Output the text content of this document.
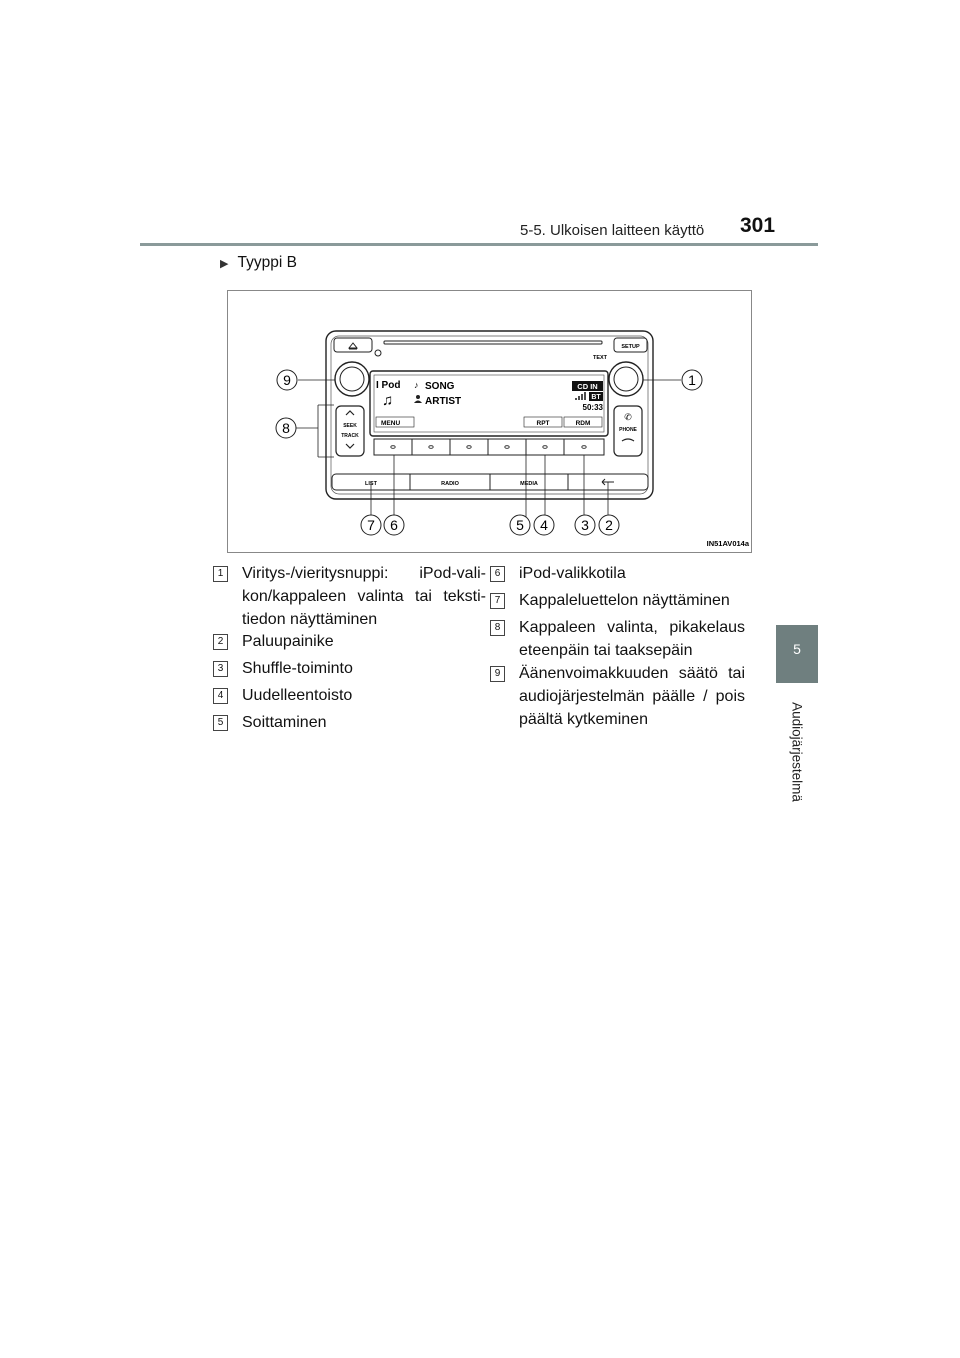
5-5. Ulkoisen laitteen käyttö 301
5
Audiojärjestelmä
▶ Tyyppi B
SETUP
TEXT
I Pod ♪ SONG
♫	ARTIST
CD IN
BT
50:33
MENU	RPT	RDM
SEEK
TRACK
✆
PHONE
LIST	RADIO	MEDIA
9	1
8
7 6	5 4 3 2
IN51AV014a
1 Viritys-/vieritysnuppi: iPod-vali-kon/kappaleen valinta tai teksti-tiedon näyttäminen
2 Paluupainike
3 Shuffle-toiminto
4 Uudelleentoisto
5 Soittaminen
6 iPod-valikkotila
7 Kappaleluettelon näyttäminen
8 Kappaleen valinta, pikakelaus eteenpäin tai taaksepäin
9 Äänenvoimakkuuden säätö tai audiojärjestelmän päälle / pois päältä kytkeminen
